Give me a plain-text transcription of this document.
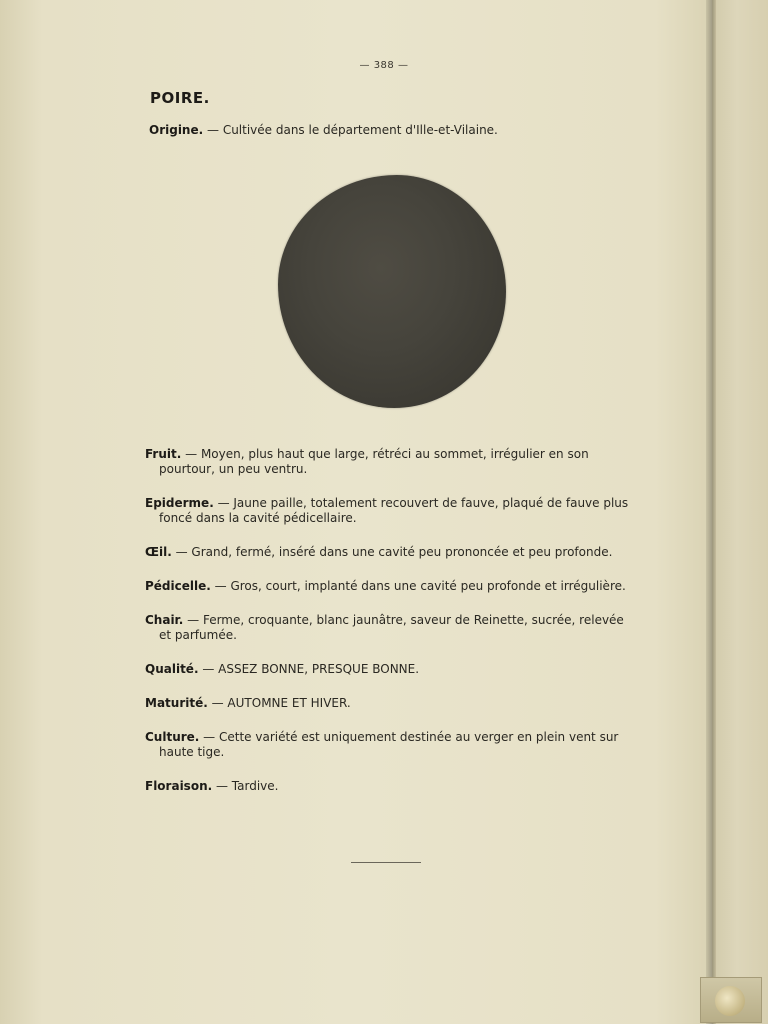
— 388 —
POIRE.
Origine. — Cultivée dans le département d'Ille-et-Vilaine.

Fruit. — Moyen, plus haut que large, rétréci au sommet, irrégulier en son pourtour, un peu ventru.

Epiderme. — Jaune paille, totalement recouvert de fauve, plaqué de fauve plus foncé dans la cavité pédicellaire.

Œil. — Grand, fermé, inséré dans une cavité peu prononcée et peu profonde.

Pédicelle. — Gros, court, implanté dans une cavité peu profonde et irrégulière.

Chair. — Ferme, croquante, blanc jaunâtre, saveur de Reinette, sucrée, relevée et parfumée.

Qualité. — ASSEZ BONNE, PRESQUE BONNE.

Maturité. — AUTOMNE ET HIVER.

Culture. — Cette variété est uniquement destinée au verger en plein vent sur haute tige.

Floraison. — Tardive.
